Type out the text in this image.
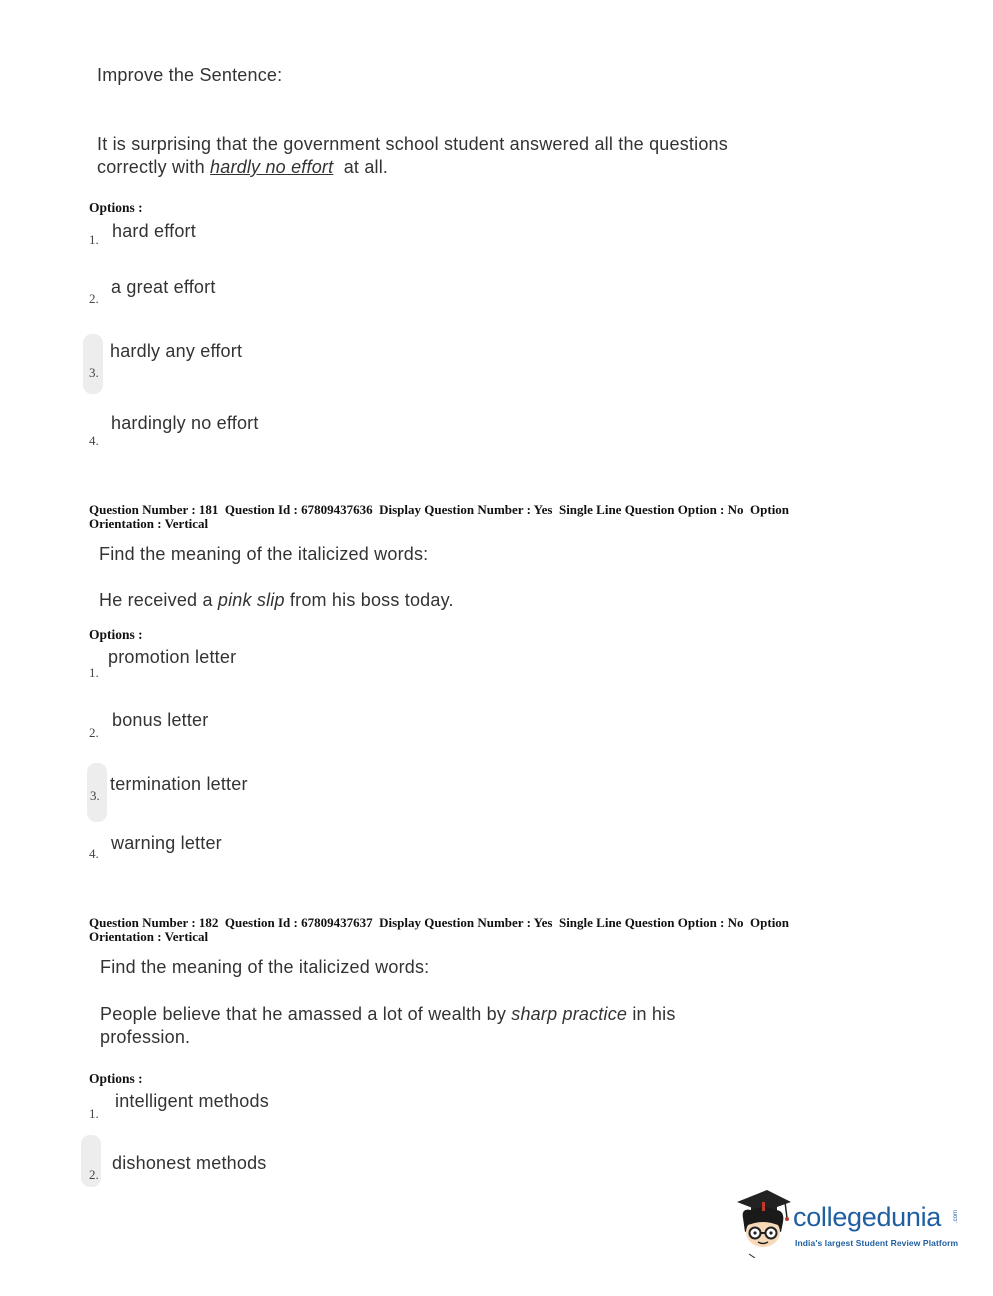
Improve the Sentence:
It is surprising that the government school student answered all the questions
correctly with hardly no effort  at all.
Options :
1. hard effort
2.
a great effort
3.
hardly any effort
4.
hardingly no effort
Question Number : 181  Question Id : 67809437636  Display Question Number : Yes  Single Line Question Option : No  Option
Orientation : Vertical
Find the meaning of the italicized words:
He received a pink slip from his boss today.
Options :
1.
promotion letter
2.
bonus letter
3.
termination letter
4.
warning letter
Question Number : 182  Question Id : 67809437637  Display Question Number : Yes  Single Line Question Option : No  Option
Orientation : Vertical
Find the meaning of the italicized words:
People believe that he amassed a lot of wealth by sharp practice in his
profession.
Options :
1.
intelligent methods
2.
dishonest methods
collegedunia .com
India's largest Student Review Platform
